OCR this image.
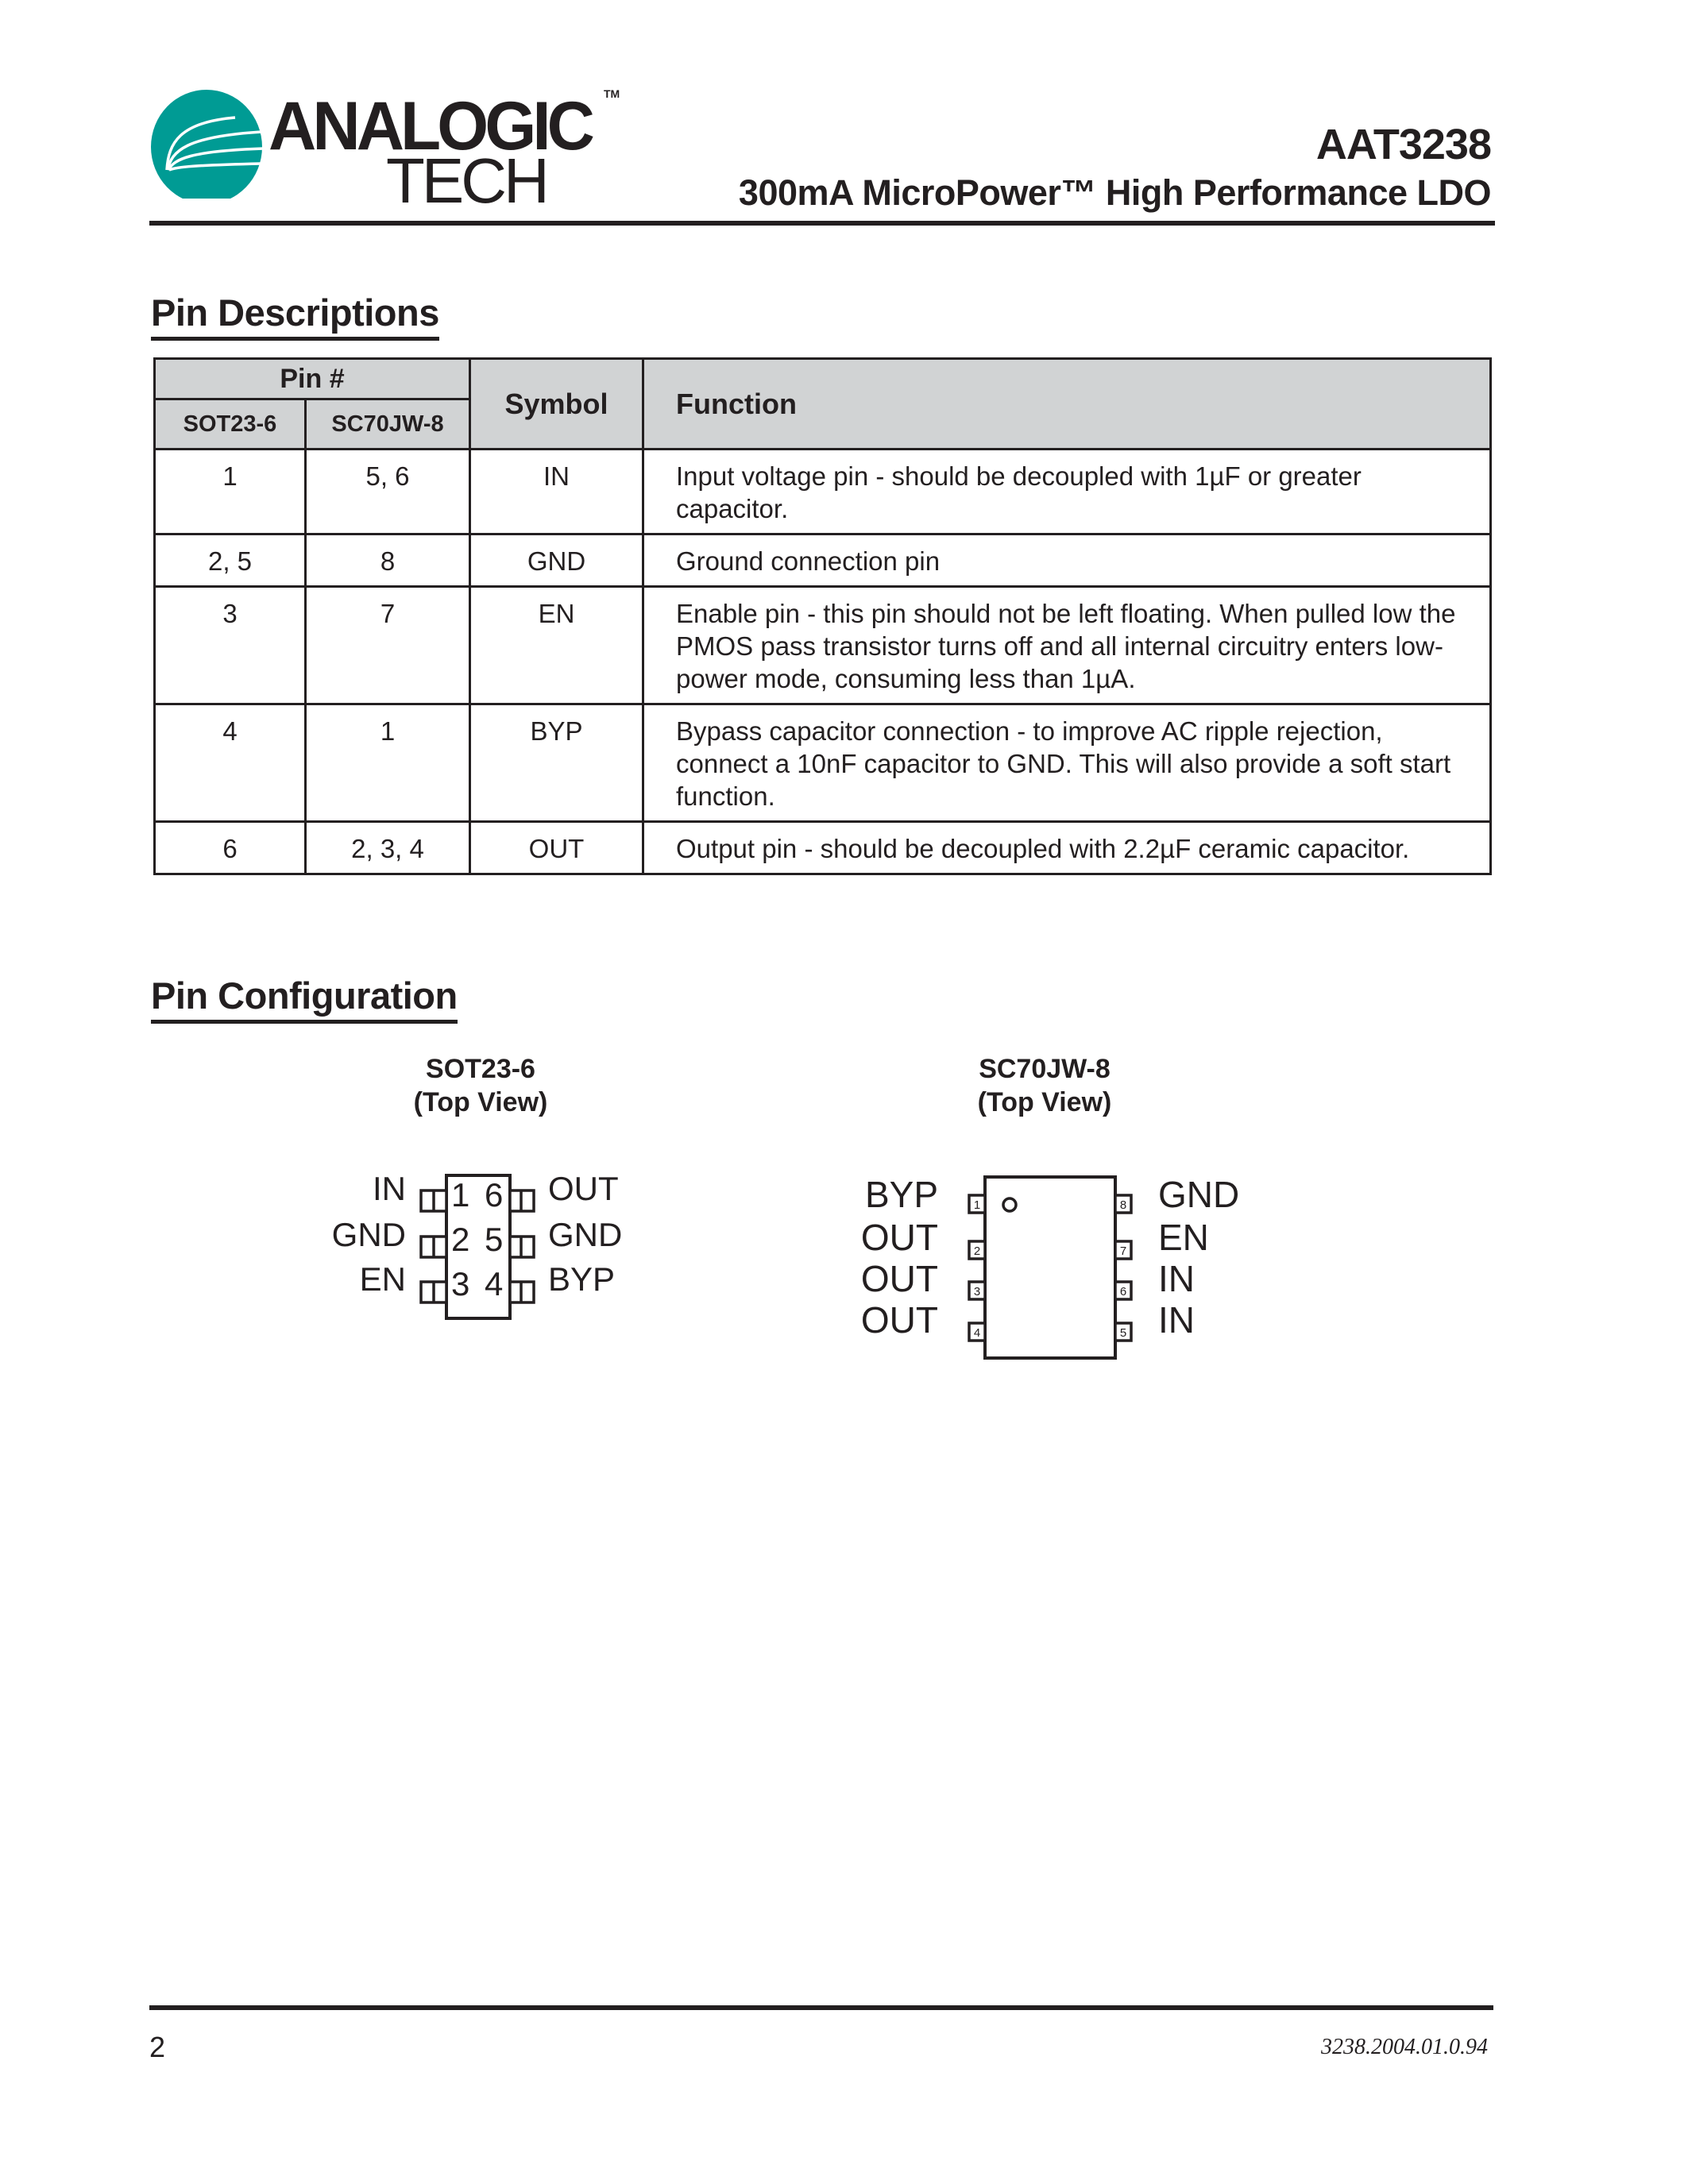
ANALOGIC TM
TECH
AAT3238
300mA MicroPower™ High Performance LDO
Pin Descriptions
Pin #		Symbol	Function
SOT23-6	SC70JW-8		
1	5, 6	IN	Input voltage pin - should be decoupled with 1µF or greater capacitor.
2, 5	8	GND	Ground connection pin
3	7	EN	Enable pin - this pin should not be left floating. When pulled low the PMOS pass transistor turns off and all internal circuitry enters low-power mode, consuming less than 1µA.
4	1	BYP	Bypass capacitor connection - to improve AC ripple rejection, connect a 10nF capacitor to GND. This will also provide a soft start function.
6	2, 3, 4	OUT	Output pin - should be decoupled with 2.2µF ceramic capacitor.
Pin Configuration
SOT23-6
(Top View)
1
2
3
6
5
4
IN
GND
EN
OUT
GND
BYP
SC70JW-8
(Top View)
1
2
3
4
8
7
6
5
BYP
OUT
OUT
OUT
GND
EN
IN
IN
2	3238.2004.01.0.94
